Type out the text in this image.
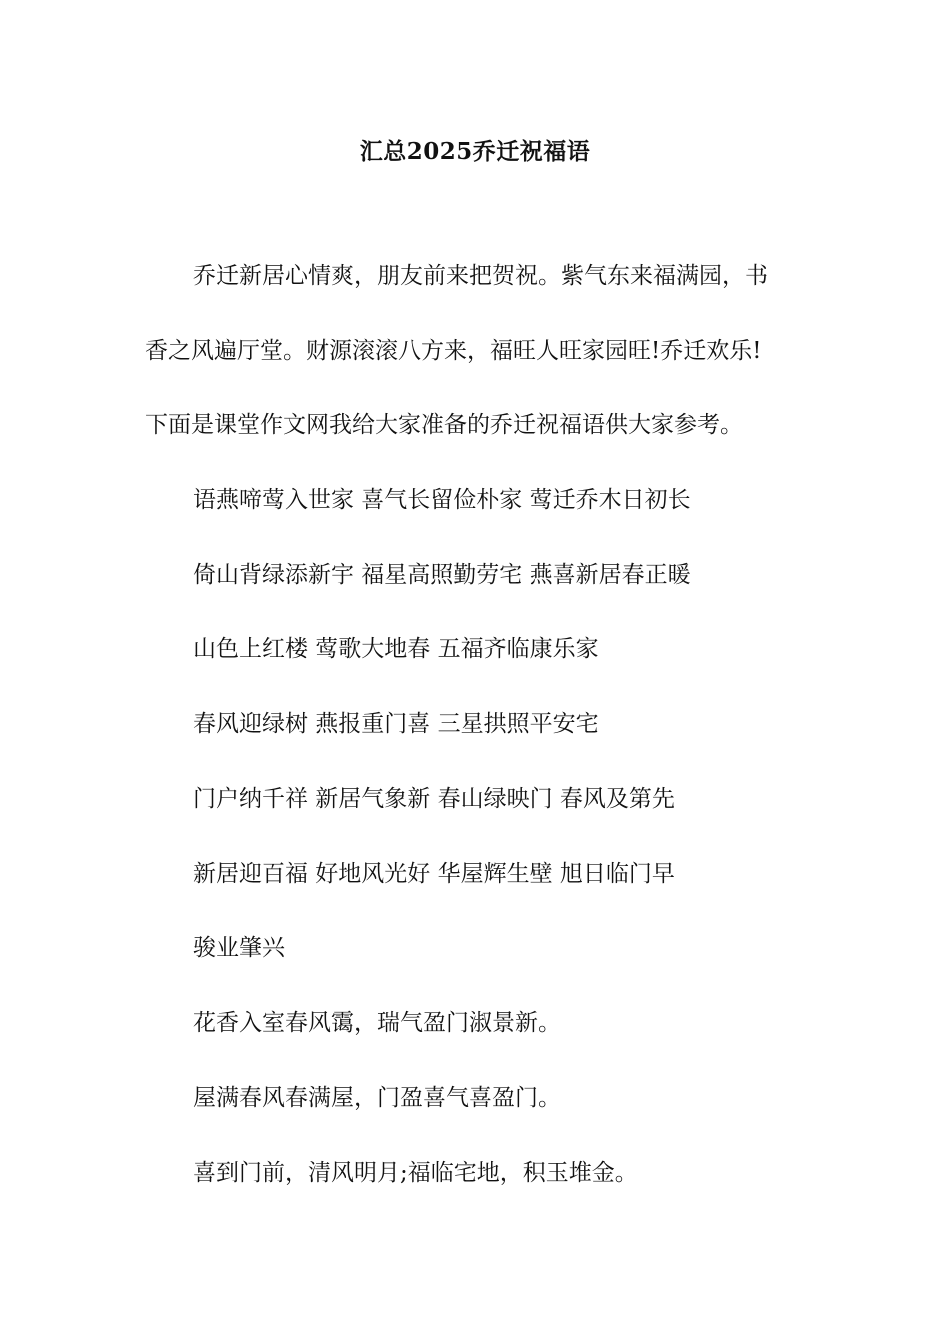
汇总2025乔迁祝福语

乔迁新居心情爽，朋友前来把贺祝。紫气东来福满园，书

香之风遍厅堂。财源滚滚八方来，福旺人旺家园旺!乔迁欢乐!

下面是课堂作文网我给大家准备的乔迁祝福语供大家参考。

语燕啼莺入世家 喜气长留俭朴家 莺迁乔木日初长

倚山背绿添新宇 福星高照勤劳宅 燕喜新居春正暖

山色上红楼 莺歌大地春 五福齐临康乐家

春风迎绿树 燕报重门喜 三星拱照平安宅

门户纳千祥 新居气象新 春山绿映门 春风及第先

新居迎百福 好地风光好 华屋辉生壁 旭日临门早

骏业肇兴

花香入室春风霭，瑞气盈门淑景新。

屋满春风春满屋，门盈喜气喜盈门。

喜到门前，清风明月;福临宅地，积玉堆金。
